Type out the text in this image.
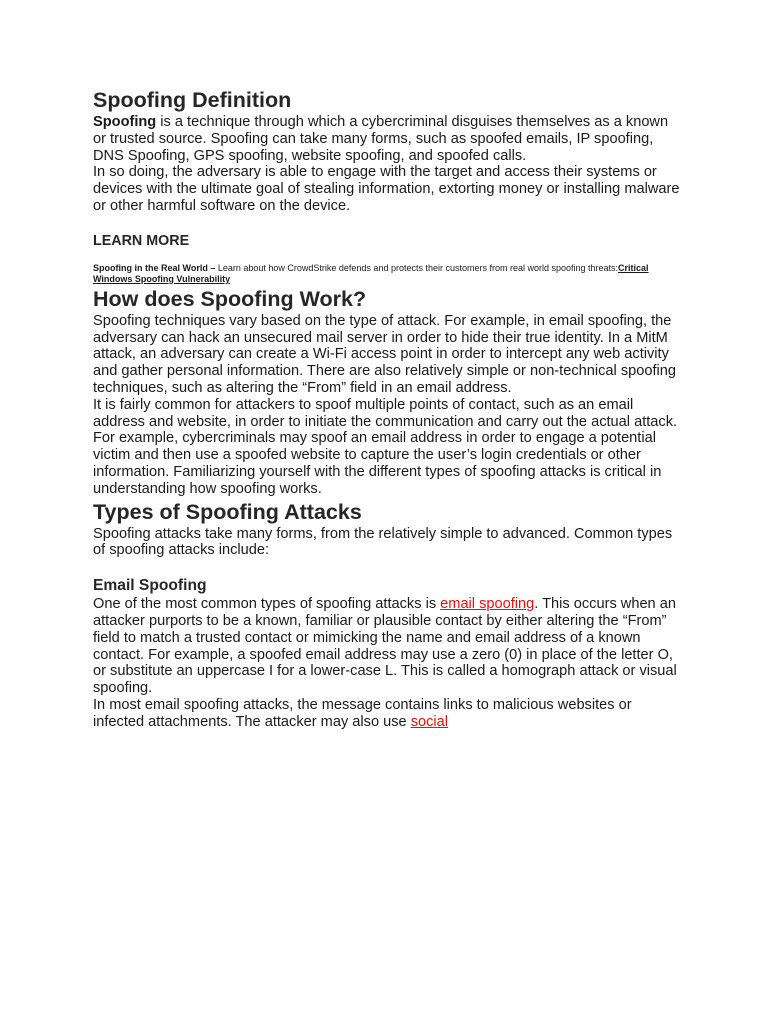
Spoofing Definition

Spoofing is a technique through which a cybercriminal disguises themselves as a known or trusted source. Spoofing can take many forms, such as spoofed emails, IP spoofing, DNS Spoofing, GPS spoofing, website spoofing, and spoofed calls.

In so doing, the adversary is able to engage with the target and access their systems or devices with the ultimate goal of stealing information, extorting money or installing malware or other harmful software on the device.

LEARN MORE
Spoofing in the Real World – Learn about how CrowdStrike defends and protects their customers from real world spoofing threats:Critical Windows Spoofing Vulnerability
How does Spoofing Work?

Spoofing techniques vary based on the type of attack. For example, in email spoofing, the adversary can hack an unsecured mail server in order to hide their true identity. In a MitM attack, an adversary can create a Wi-Fi access point in order to intercept any web activity and gather personal information. There are also relatively simple or non-technical spoofing techniques, such as altering the “From” field in an email address.

It is fairly common for attackers to spoof multiple points of contact, such as an email address and website, in order to initiate the communication and carry out the actual attack. For example, cybercriminals may spoof an email address in order to engage a potential victim and then use a spoofed website to capture the user’s login credentials or other information. Familiarizing yourself with the different types of spoofing attacks is critical in understanding how spoofing works.

Types of Spoofing Attacks

Spoofing attacks take many forms, from the relatively simple to advanced. Common types of spoofing attacks include:

Email Spoofing

One of the most common types of spoofing attacks is email spoofing. This occurs when an attacker purports to be a known, familiar or plausible contact by either altering the “From” field to match a trusted contact or mimicking the name and email address of a known contact. For example, a spoofed email address may use a zero (0) in place of the letter O, or substitute an uppercase I for a lower-case L. This is called a homograph attack or visual spoofing.

In most email spoofing attacks, the message contains links to malicious websites or infected attachments. The attacker may also use social
